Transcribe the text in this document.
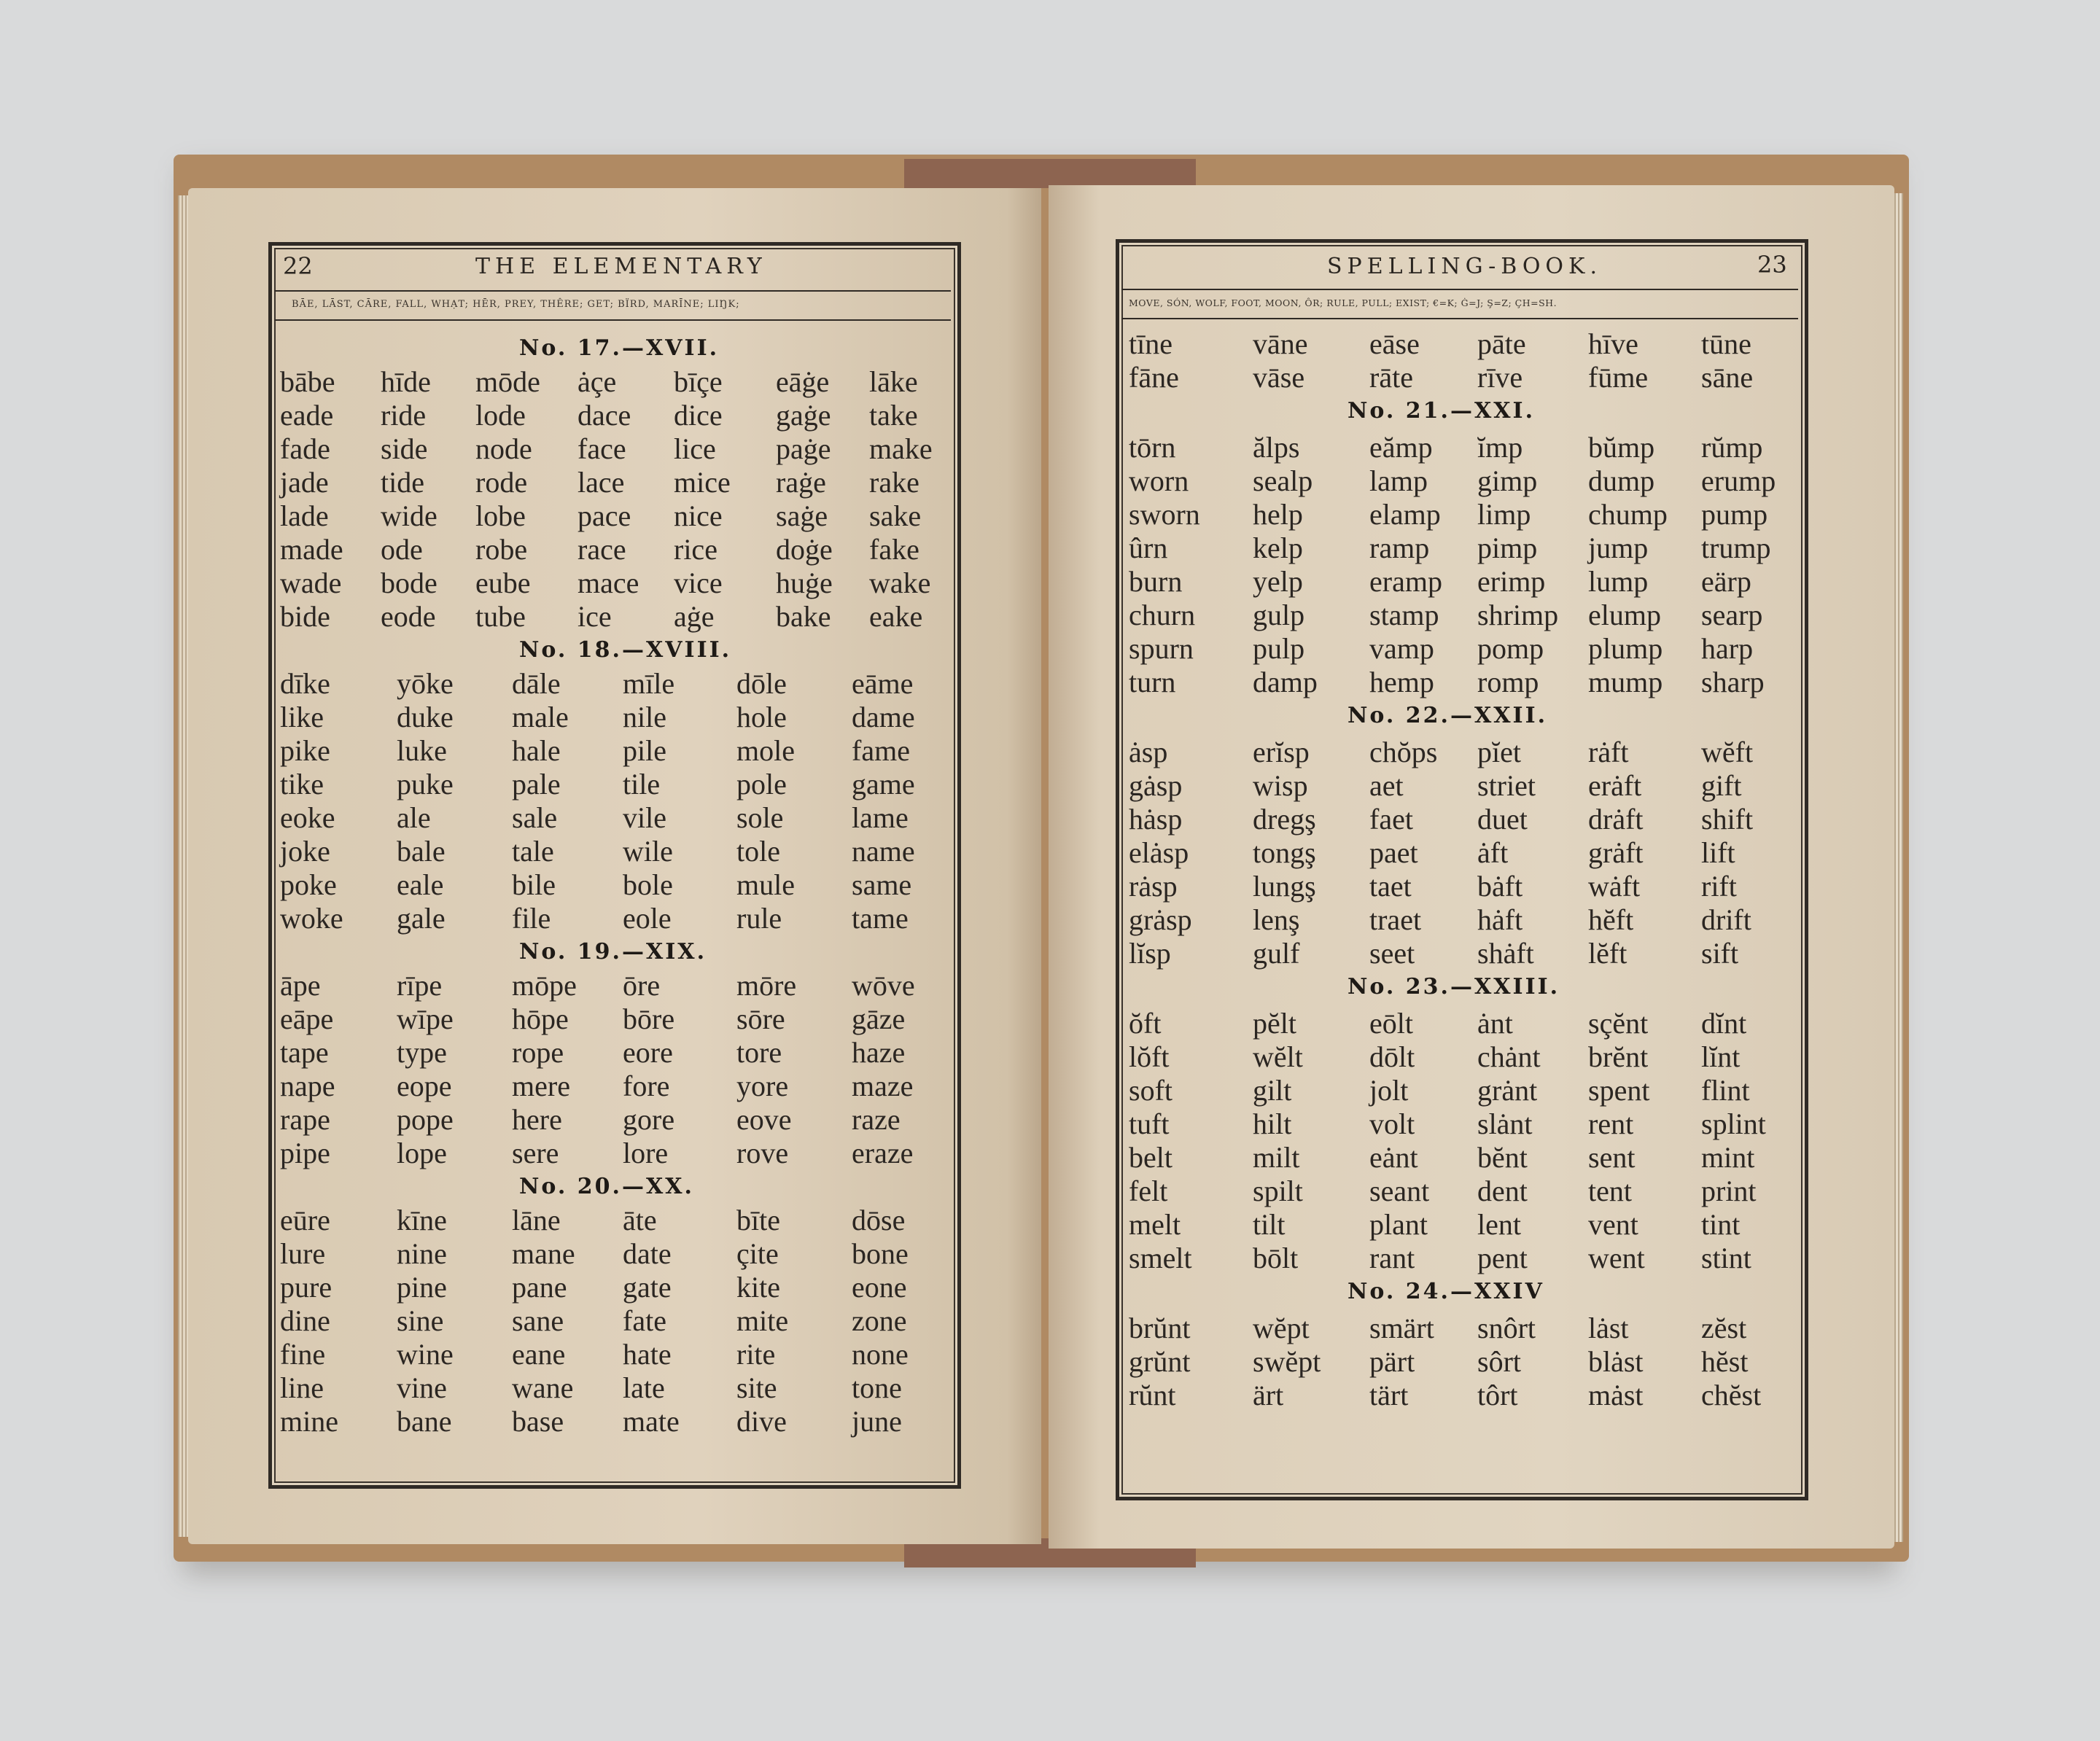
22	THE ELEMENTARY
BĀE, LĀST, CĀRE, FALL, WHẠT; HĒR, PREY, THÊRE; GET; BÏRD, MARĪNE; LIŊK;
SPELLING-BOOK.	23
MOVE, SÓN, WOLF, FOOT, MOON, ÔR; RULE, PULL; EXIST; €=K; Ġ=J; Ş=Z; ÇH=SH.
No. 17.—XVII.
bābe hīde mōde ȧçe bīçe eāġe lāke
eade ride lode dace dice gaġe take
fade side node face lice paġe make
jade tide rode lace mice raġe rake
lade wide lobe pace nice saġe sake
made ode robe race rice doġe fake
wade bode eube mace vice huġe wake
bide eode tube ice aġe bake eake
No. 18.—XVIII.
dīke yōke dāle mīle dōle eāme
like	duke male nile hole dame
pike luke hale pile mole fame
tike	puke pale tile	pole game
eoke ale	sale vile sole lame
joke bale tale wile tole name
poke eale bile bole mule same
woke gale file eole rule tame
No. 19.—XIX.
āpe	rīpe mōpe ōre	mōre wōve
eāpe wīpe hōpe bōre sōre gāze
tape type rope eore tore haze
nape eope mere fore yore maze
rape pope here gore eove raze
pipe lope sere lore rove eraze
No. 20.—XX.
eūre kīne lāne āte	bīte dōse
lure nine mane date çite	bone
pure pine pane gate kite eone
dine sine sane fate mite zone
fine wine eane hate rite	none
line	vine wane late site	tone
mine bane base mate dive june
tīne	vāne eāse pāte hīve tūne
fāne	vāse rāte rīve fūme sāne
No. 21.—XXI.
tōrn	ălps eămp ĭmp bŭmp rŭmp
worn sealp lamp gimp dump erump
sworn help elamp limp chump pump
ûrn	kelp ramp pimp jump trump
burn yelp eramp erimp lump eärp
churn gulp stamp shrimp elump searp
spurn pulp vamp pomp plump harp
turn	damp hemp romp mump sharp
No. 22.—XXII.
ȧsp	erĭsp chŏps pĭet rȧft wĕft
gȧsp wisp aet	striet erȧft gift
hȧsp dregş faet duet drȧft shift
elȧsp tongş paet ȧft	grȧft lift
rȧsp	lungş taet bȧft wȧft rift
grȧsp lenş traet hȧft hĕft drift
lĭsp	gulf seet shȧft lĕft	sift
No. 23.—XXIII.
ŏft	pĕlt	eōlt ȧnt	sçĕnt dĭnt
lŏft	wĕlt dōlt chȧnt brĕnt lĭnt
soft	gilt	jolt grȧnt spent flint
tuft	hilt	volt slȧnt rent splint
belt	milt eȧnt bĕnt sent mint
felt	spilt seant dent tent print
melt tilt	plant lent vent tint
smelt bōlt rant pent went stint
No. 24.—XXIV
brŭnt wĕpt smärt snôrt lȧst zĕst
grŭnt swĕpt pärt sôrt blȧst hĕst
rŭnt	ärt	tärt tôrt mȧst chĕst
